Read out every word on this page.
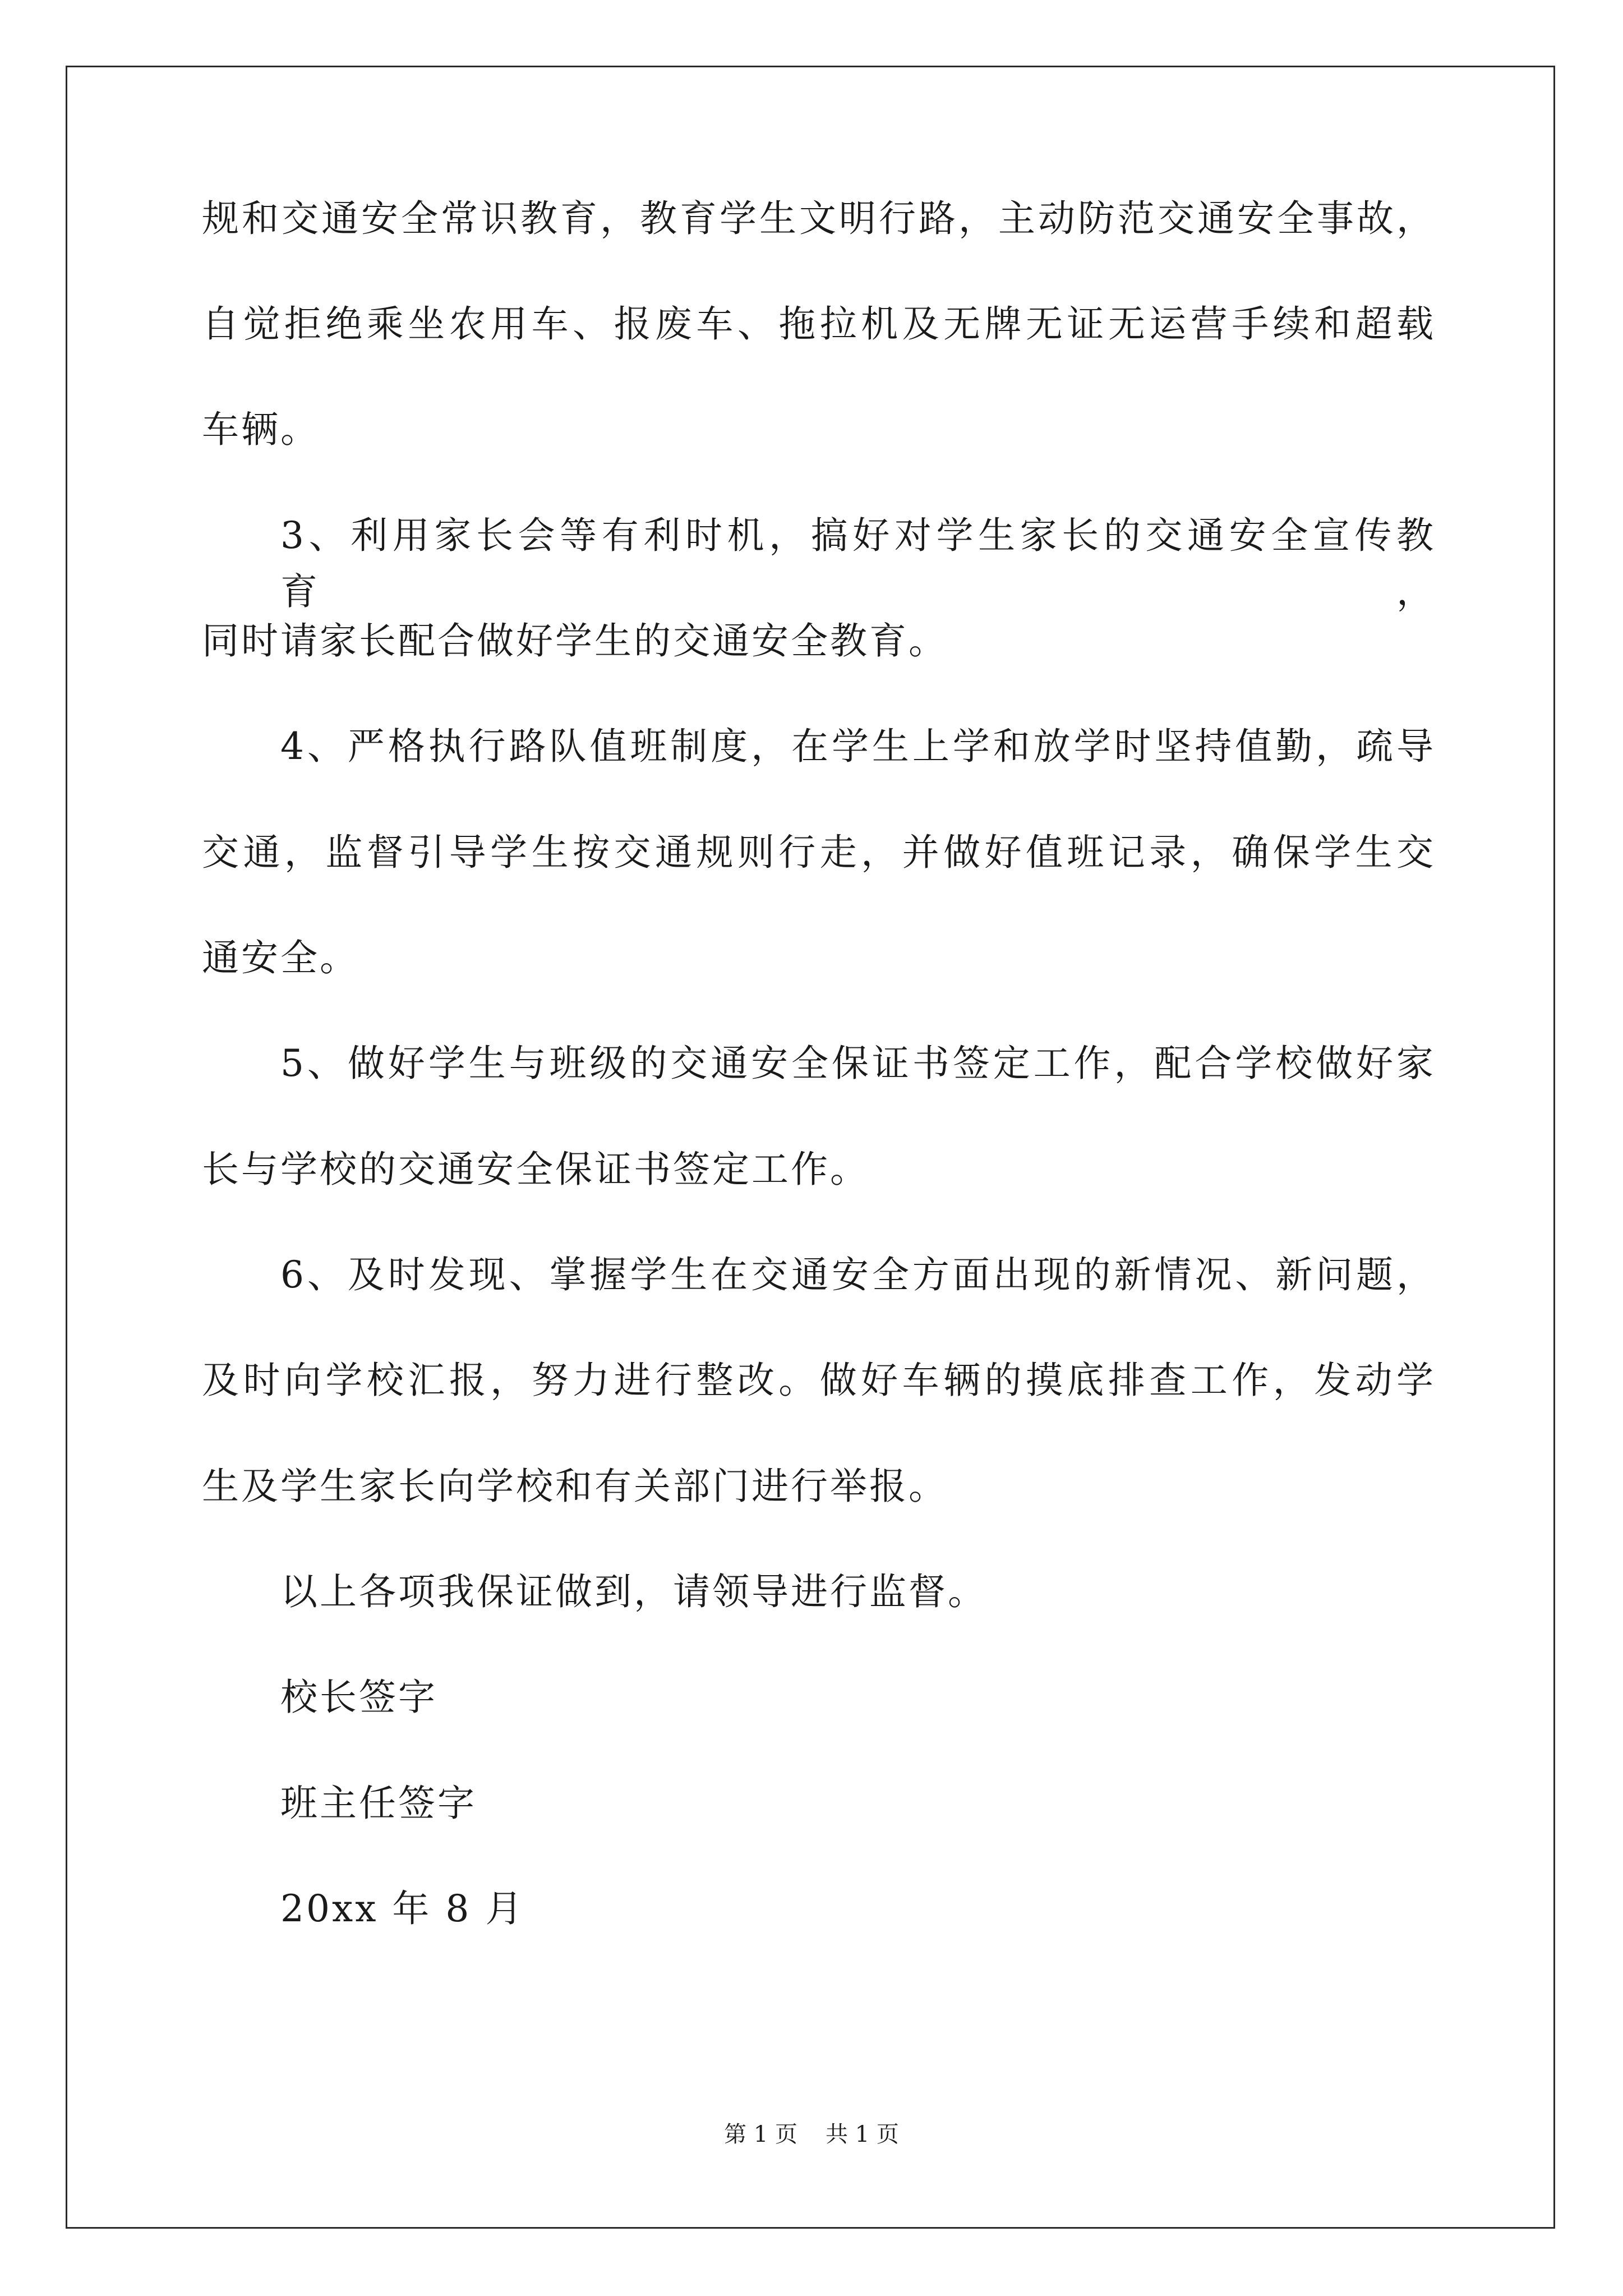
规和交通安全常识教育，教育学生文明行路，主动防范交通安全事故，
自觉拒绝乘坐农用车、报废车、拖拉机及无牌无证无运营手续和超载
车辆。
3、利用家长会等有利时机，搞好对学生家长的交通安全宣传教育，
同时请家长配合做好学生的交通安全教育。
4、严格执行路队值班制度，在学生上学和放学时坚持值勤，疏导
交通，监督引导学生按交通规则行走，并做好值班记录，确保学生交
通安全。
5、做好学生与班级的交通安全保证书签定工作，配合学校做好家
长与学校的交通安全保证书签定工作。
6、及时发现、掌握学生在交通安全方面出现的新情况、新问题，
及时向学校汇报，努力进行整改。做好车辆的摸底排查工作，发动学
生及学生家长向学校和有关部门进行举报。
以上各项我保证做到，请领导进行监督。
校长签字
班主任签字
20xx 年 8 月
第 1 页 共 1 页
